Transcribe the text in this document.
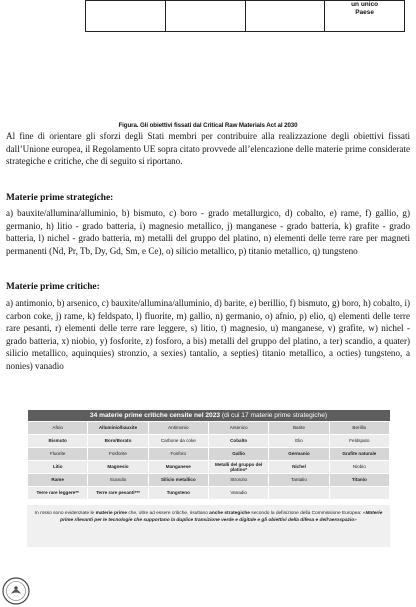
un unico
Paese
Figura. Gli obiettivi fissati dal Critical Raw Materials Act al 2030

Al fine di orientare gli sforzi degli Stati membri per contribuire alla realizzazione degli obiettivi fissati dall’Unione europea, il Regolamento UE sopra citato provvede all’elencazione delle materie prime considerate strategiche e critiche, che di seguito si riportano.

Materie prime strategiche:

a) bauxite/allumina/alluminio, b) bismuto, c) boro - grado metallurgico, d) cobalto, e) rame, f) gallio, g) germanio, h) litio - grado batteria, i) magnesio metallico, j) manganese - grado batteria, k) grafite - grado batteria, l) nichel - grado batteria, m) metalli del gruppo del platino, n) elementi delle terre rare per magneti permanenti (Nd, Pr, Tb, Dy, Gd, Sm, e Ce), o) silicio metallico, p) titanio metallico, q) tungsteno

Materie prime critiche:

a) antimonio, b) arsenico, c) bauxite/allumina/alluminio, d) barite, e) berillio, f) bismuto, g) boro, h) cobalto, i) carbon coke, j) rame, k) feldspato, l) fluorite, m) gallio, n) germanio, o) afnio, p) elio, q) elementi delle terre rare pesanti, r) elementi delle terre rare leggere, s) litio, t) magnesio, u) manganese, v) grafite, w) nichel - grado batteria, x) niobio, y) fosforite, z) fosforo, a bis) metalli del gruppo del platino, a ter) scandio, a quater) silicio metallico, aquinquies) stronzio, a sexies) tantalio, a septies) titanio metallico, a octies) tungsteno, a nonies) vanadio

34 materie prime critiche censite nel 2023 (di cui 17 materie prime strategiche)					
Afnio	Alluminio/bauxite	Antimonio	Arsenico	Barite	Berillio
Bismuto	Boro/Borato	Carbone da coke	Cobalto	Elio	Feldspato
Fluorite	Fosforite	Fosforo	Gallio	Germanio	Grafite naturale
Litio	Magnesio	Manganese	Metalli del gruppo del platino*	Nichel	Niobio
Rame	Scandio	Silicio metallico	Stronzio	Tantalio	Titanio
Terre rare leggere**	Terre rare pesanti***	Tungsteno	Vanadio		
In rosso sono evidenziate le materie prime che, oltre ad essere critiche, risultano anche strategiche secondo la definizione della Commissione Europea: «Materie prime rilevanti per le tecnologie che supportano la duplice transizione verde e digitale e gli obiettivi della difesa e dell’aerospazio»
